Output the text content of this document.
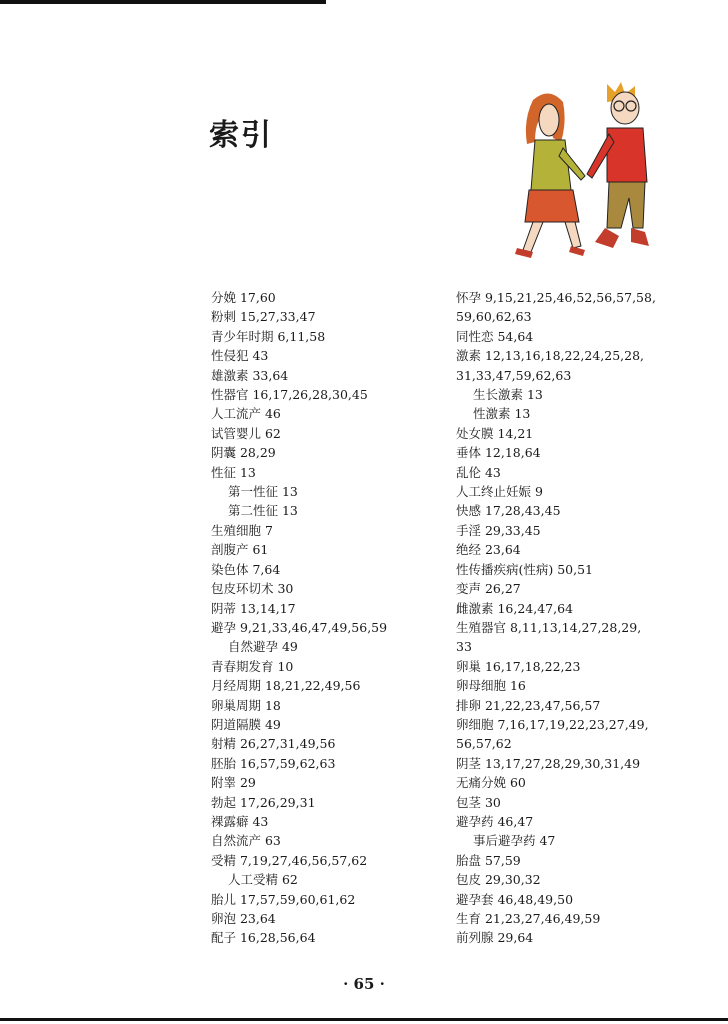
索引
分娩 17,60
粉刺 15,27,33,47
青少年时期 6,11,58
性侵犯 43
雄激素 33,64
性器官 16,17,26,28,30,45
人工流产 46
试管婴儿 62
阴囊 28,29
性征 13
第一性征 13
第二性征 13
生殖细胞 7
剖腹产 61
染色体 7,64
包皮环切术 30
阴蒂 13,14,17
避孕 9,21,33,46,47,49,56,59
自然避孕 49
青春期发育 10
月经周期 18,21,22,49,56
卵巢周期 18
阴道隔膜 49
射精 26,27,31,49,56
胚胎 16,57,59,62,63
附睾 29
勃起 17,26,29,31
裸露癖 43
自然流产 63
受精 7,19,27,46,56,57,62
人工受精 62
胎儿 17,57,59,60,61,62
卵泡 23,64
配子 16,28,56,64
怀孕 9,15,21,25,46,52,56,57,58,
59,60,62,63
同性恋 54,64
激素 12,13,16,18,22,24,25,28,
31,33,47,59,62,63
生长激素 13
性激素 13
处女膜 14,21
垂体 12,18,64
乱伦 43
人工终止妊娠 9
快感 17,28,43,45
手淫 29,33,45
绝经 23,64
性传播疾病(性病) 50,51
变声 26,27
雌激素 16,24,47,64
生殖器官 8,11,13,14,27,28,29,
33
卵巢 16,17,18,22,23
卵母细胞 16
排卵 21,22,23,47,56,57
卵细胞 7,16,17,19,22,23,27,49,
56,57,62
阴茎 13,17,27,28,29,30,31,49
无痛分娩 60
包茎 30
避孕药 46,47
事后避孕药 47
胎盘 57,59
包皮 29,30,32
避孕套 46,48,49,50
生育 21,23,27,46,49,59
前列腺 29,64
· 65 ·
